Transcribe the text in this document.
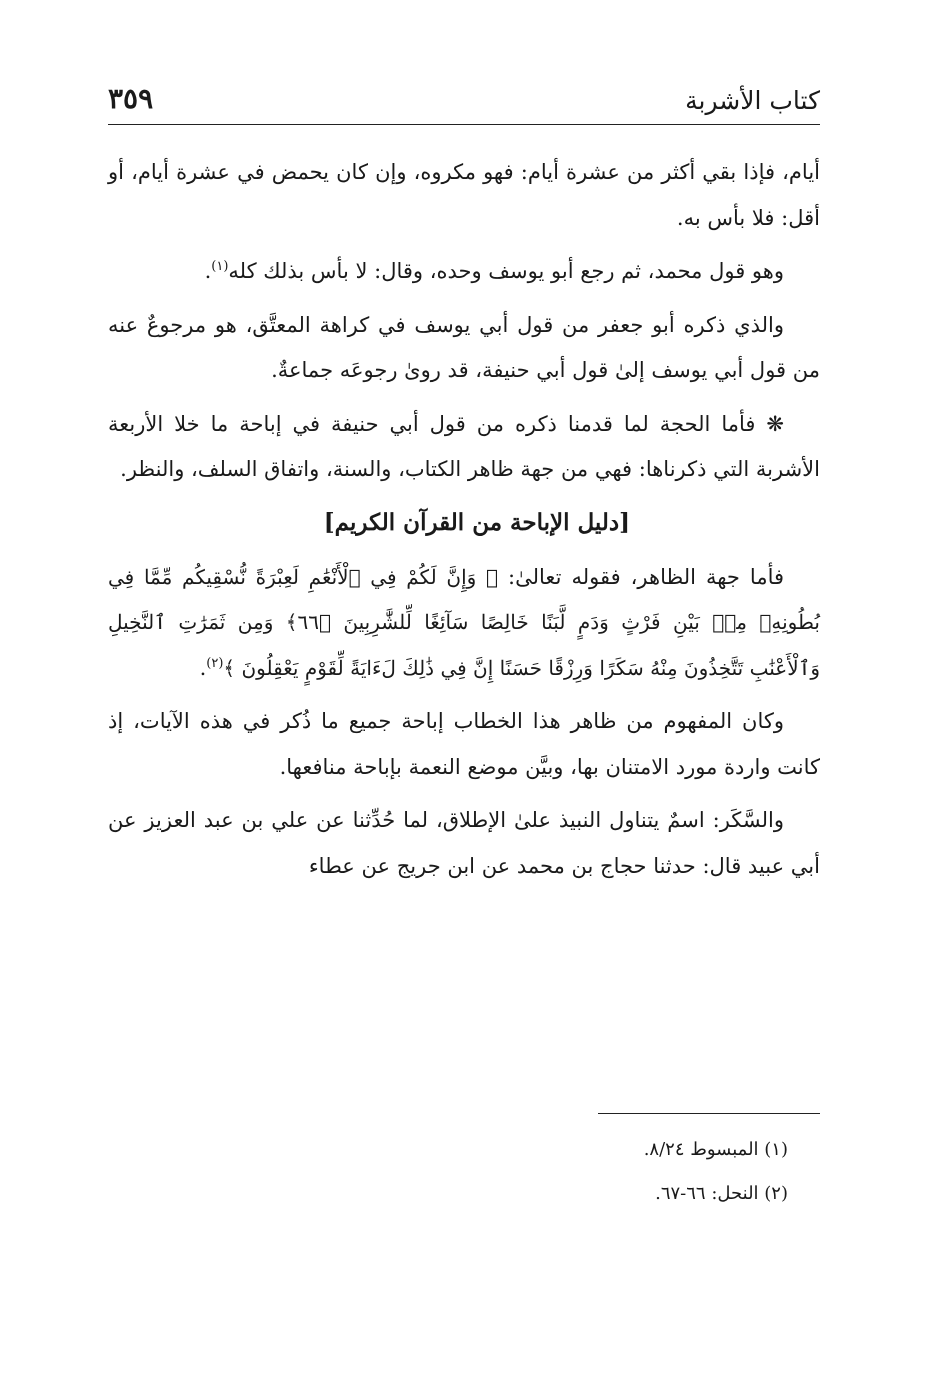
كتاب الأشربة
٣٥٩

أيام، فإذا بقي أكثر من عشرة أيام: فهو مكروه، وإن كان يحمض في عشرة أيام، أو أقل: فلا بأس به.

وهو قول محمد، ثم رجع أبو يوسف وحده، وقال: لا بأس بذلك كله$^{(١)}$.

والذي ذكره أبو جعفر من قول أبي يوسف في كراهة المعتَّق، هو مرجوعٌ عنه من قول أبي يوسف إلىٰ قول أبي حنيفة، قد روىٰ رجوعَه جماعةٌ.

❋ فأما الحجة لما قدمنا ذكره من قول أبي حنيفة في إباحة ما خلا الأربعة الأشربة التي ذكرناها: فهي من جهة ظاهر الكتاب، والسنة، واتفاق السلف، والنظر.

[دليل الإباحة من القرآن الكريم]

فأما جهة الظاهر، فقوله تعالىٰ: ﴿ وَإِنَّ لَكُمْ فِي ٱلْأَنْعَٰمِ لَعِبْرَةً نُّسْقِيكُم مِّمَّا فِي بُطُونِهِۦ مِنۢ بَيْنِ فَرْثٍ وَدَمٍ لَّبَنًا خَالِصًا سَآئِغًا لِّلشَّٰرِبِينَ ﴿٦٦﴾ وَمِن ثَمَرَٰتِ ٱلنَّخِيلِ وَٱلْأَعْنَٰبِ تَتَّخِذُونَ مِنْهُ سَكَرًا وَرِزْقًا حَسَنًا إِنَّ فِي ذَٰلِكَ لَءَايَةً لِّقَوْمٍ يَعْقِلُونَ ﴾$^{(٢)}$.

وكان المفهوم من ظاهر هذا الخطاب إباحة جميع ما ذُكر في هذه الآيات، إذ كانت واردة مورد الامتنان بها، وبيَّن موضع النعمة بإباحة منافعها.

والسَّكَر: اسمٌ يتناول النبيذ علىٰ الإطلاق، لما حُدِّثنا عن علي بن عبد العزيز عن أبي عبيد قال: حدثنا حجاج بن محمد عن ابن جريج عن عطاء

(١) المبسوط ٨/٢٤.

(٢) النحل: ٦٦-٦٧.
